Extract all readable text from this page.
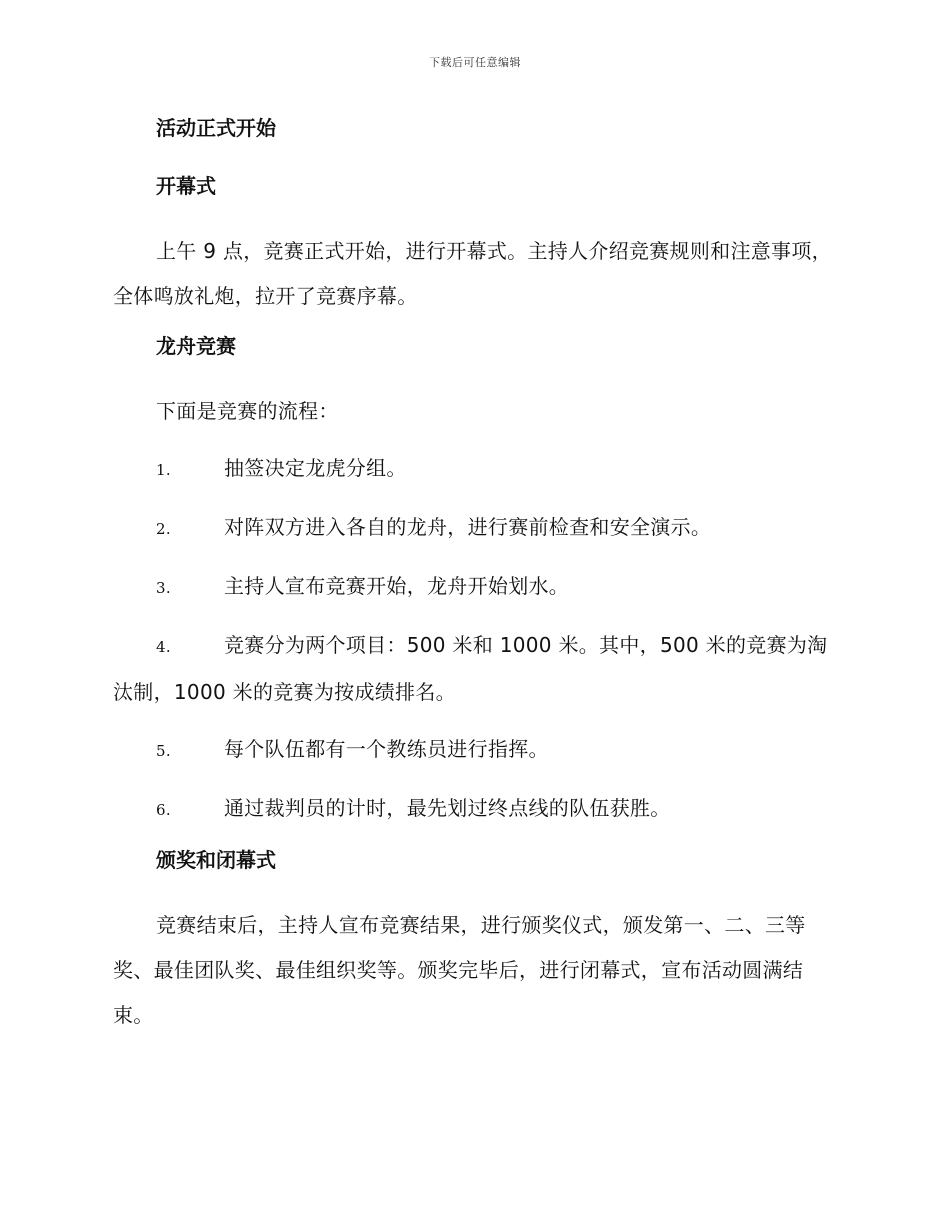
下载后可任意编辑
活动正式开始
开幕式
上午 9 点，竞赛正式开始，进行开幕式。主持人介绍竞赛规则和注意事项，全体鸣放礼炮，拉开了竞赛序幕。
龙舟竞赛
下面是竞赛的流程：
1.	抽签决定龙虎分组。
2.	对阵双方进入各自的龙舟，进行赛前检查和安全演示。
3.	主持人宣布竞赛开始，龙舟开始划水。
4.	竞赛分为两个项目：500 米和 1000 米。其中，500 米的竞赛为淘汰制，1000 米的竞赛为按成绩排名。
5.	每个队伍都有一个教练员进行指挥。
6.	通过裁判员的计时，最先划过终点线的队伍获胜。
颁奖和闭幕式
竞赛结束后，主持人宣布竞赛结果，进行颁奖仪式，颁发第一、二、三等奖、最佳团队奖、最佳组织奖等。颁奖完毕后，进行闭幕式，宣布活动圆满结束。
